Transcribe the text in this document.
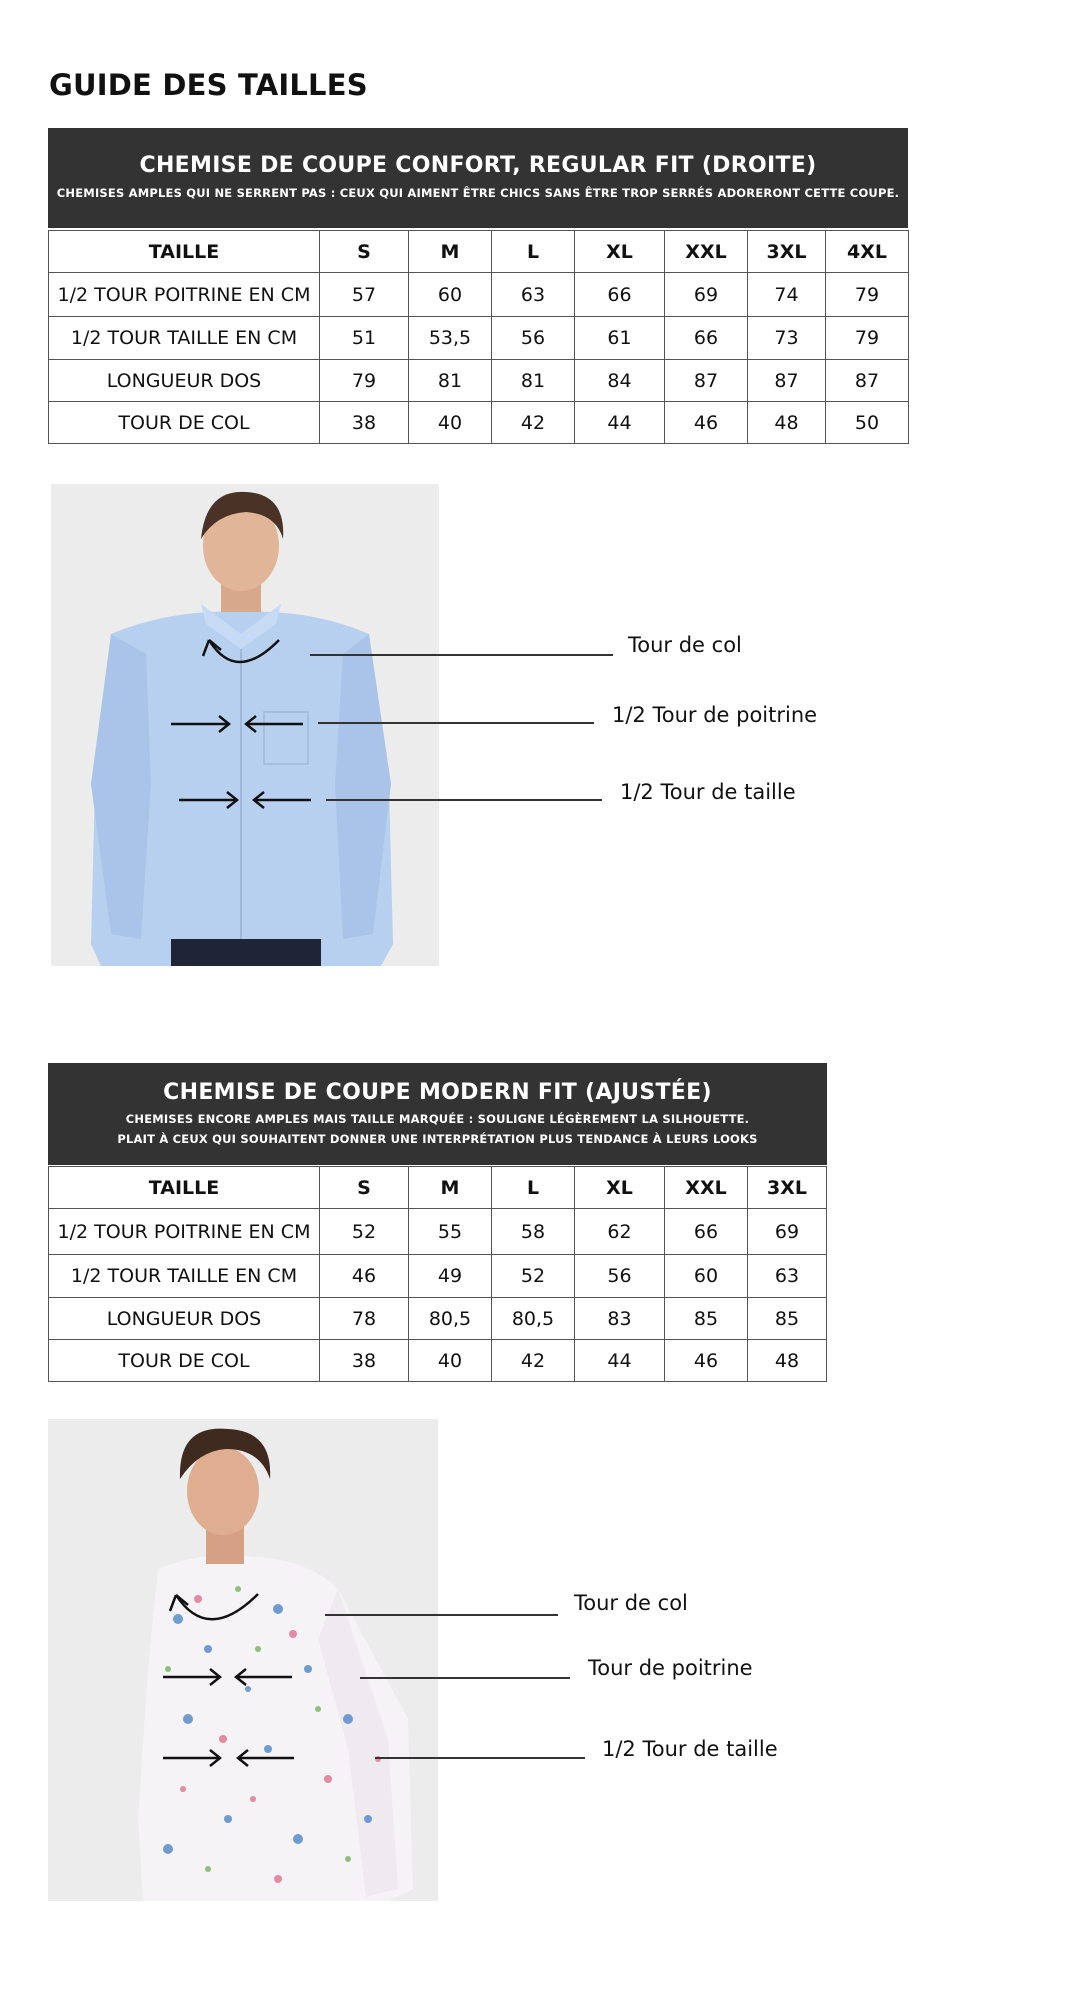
GUIDE DES TAILLES
CHEMISE DE COUPE CONFORT, REGULAR FIT (DROITE)
CHEMISES AMPLES QUI NE SERRENT PAS : CEUX QUI AIMENT ÊTRE CHICS SANS ÊTRE TROP SERRÉS ADORERONT CETTE COUPE.
TAILLE	S	M	L	XL	XXL	3XL	4XL
1/2 TOUR POITRINE EN CM	57	60	63	66	69	74	79
1/2 TOUR TAILLE EN CM	51	53,5	56	61	66	73	79
LONGUEUR DOS	79	81	81	84	87	87	87
TOUR DE COL	38	40	42	44	46	48	50
Tour de col
1/2 Tour de poitrine
1/2 Tour de taille
CHEMISE DE COUPE MODERN FIT (AJUSTÉE)
CHEMISES ENCORE AMPLES MAIS TAILLE MARQUÉE : SOULIGNE LÉGÈREMENT LA SILHOUETTE.
PLAIT À CEUX QUI SOUHAITENT DONNER UNE INTERPRÉTATION PLUS TENDANCE À LEURS LOOKS
TAILLE	S	M	L	XL	XXL	3XL
1/2 TOUR POITRINE EN CM	52	55	58	62	66	69
1/2 TOUR TAILLE EN CM	46	49	52	56	60	63
LONGUEUR DOS	78	80,5	80,5	83	85	85
TOUR DE COL	38	40	42	44	46	48
Tour de col
Tour de poitrine
1/2 Tour de taille
